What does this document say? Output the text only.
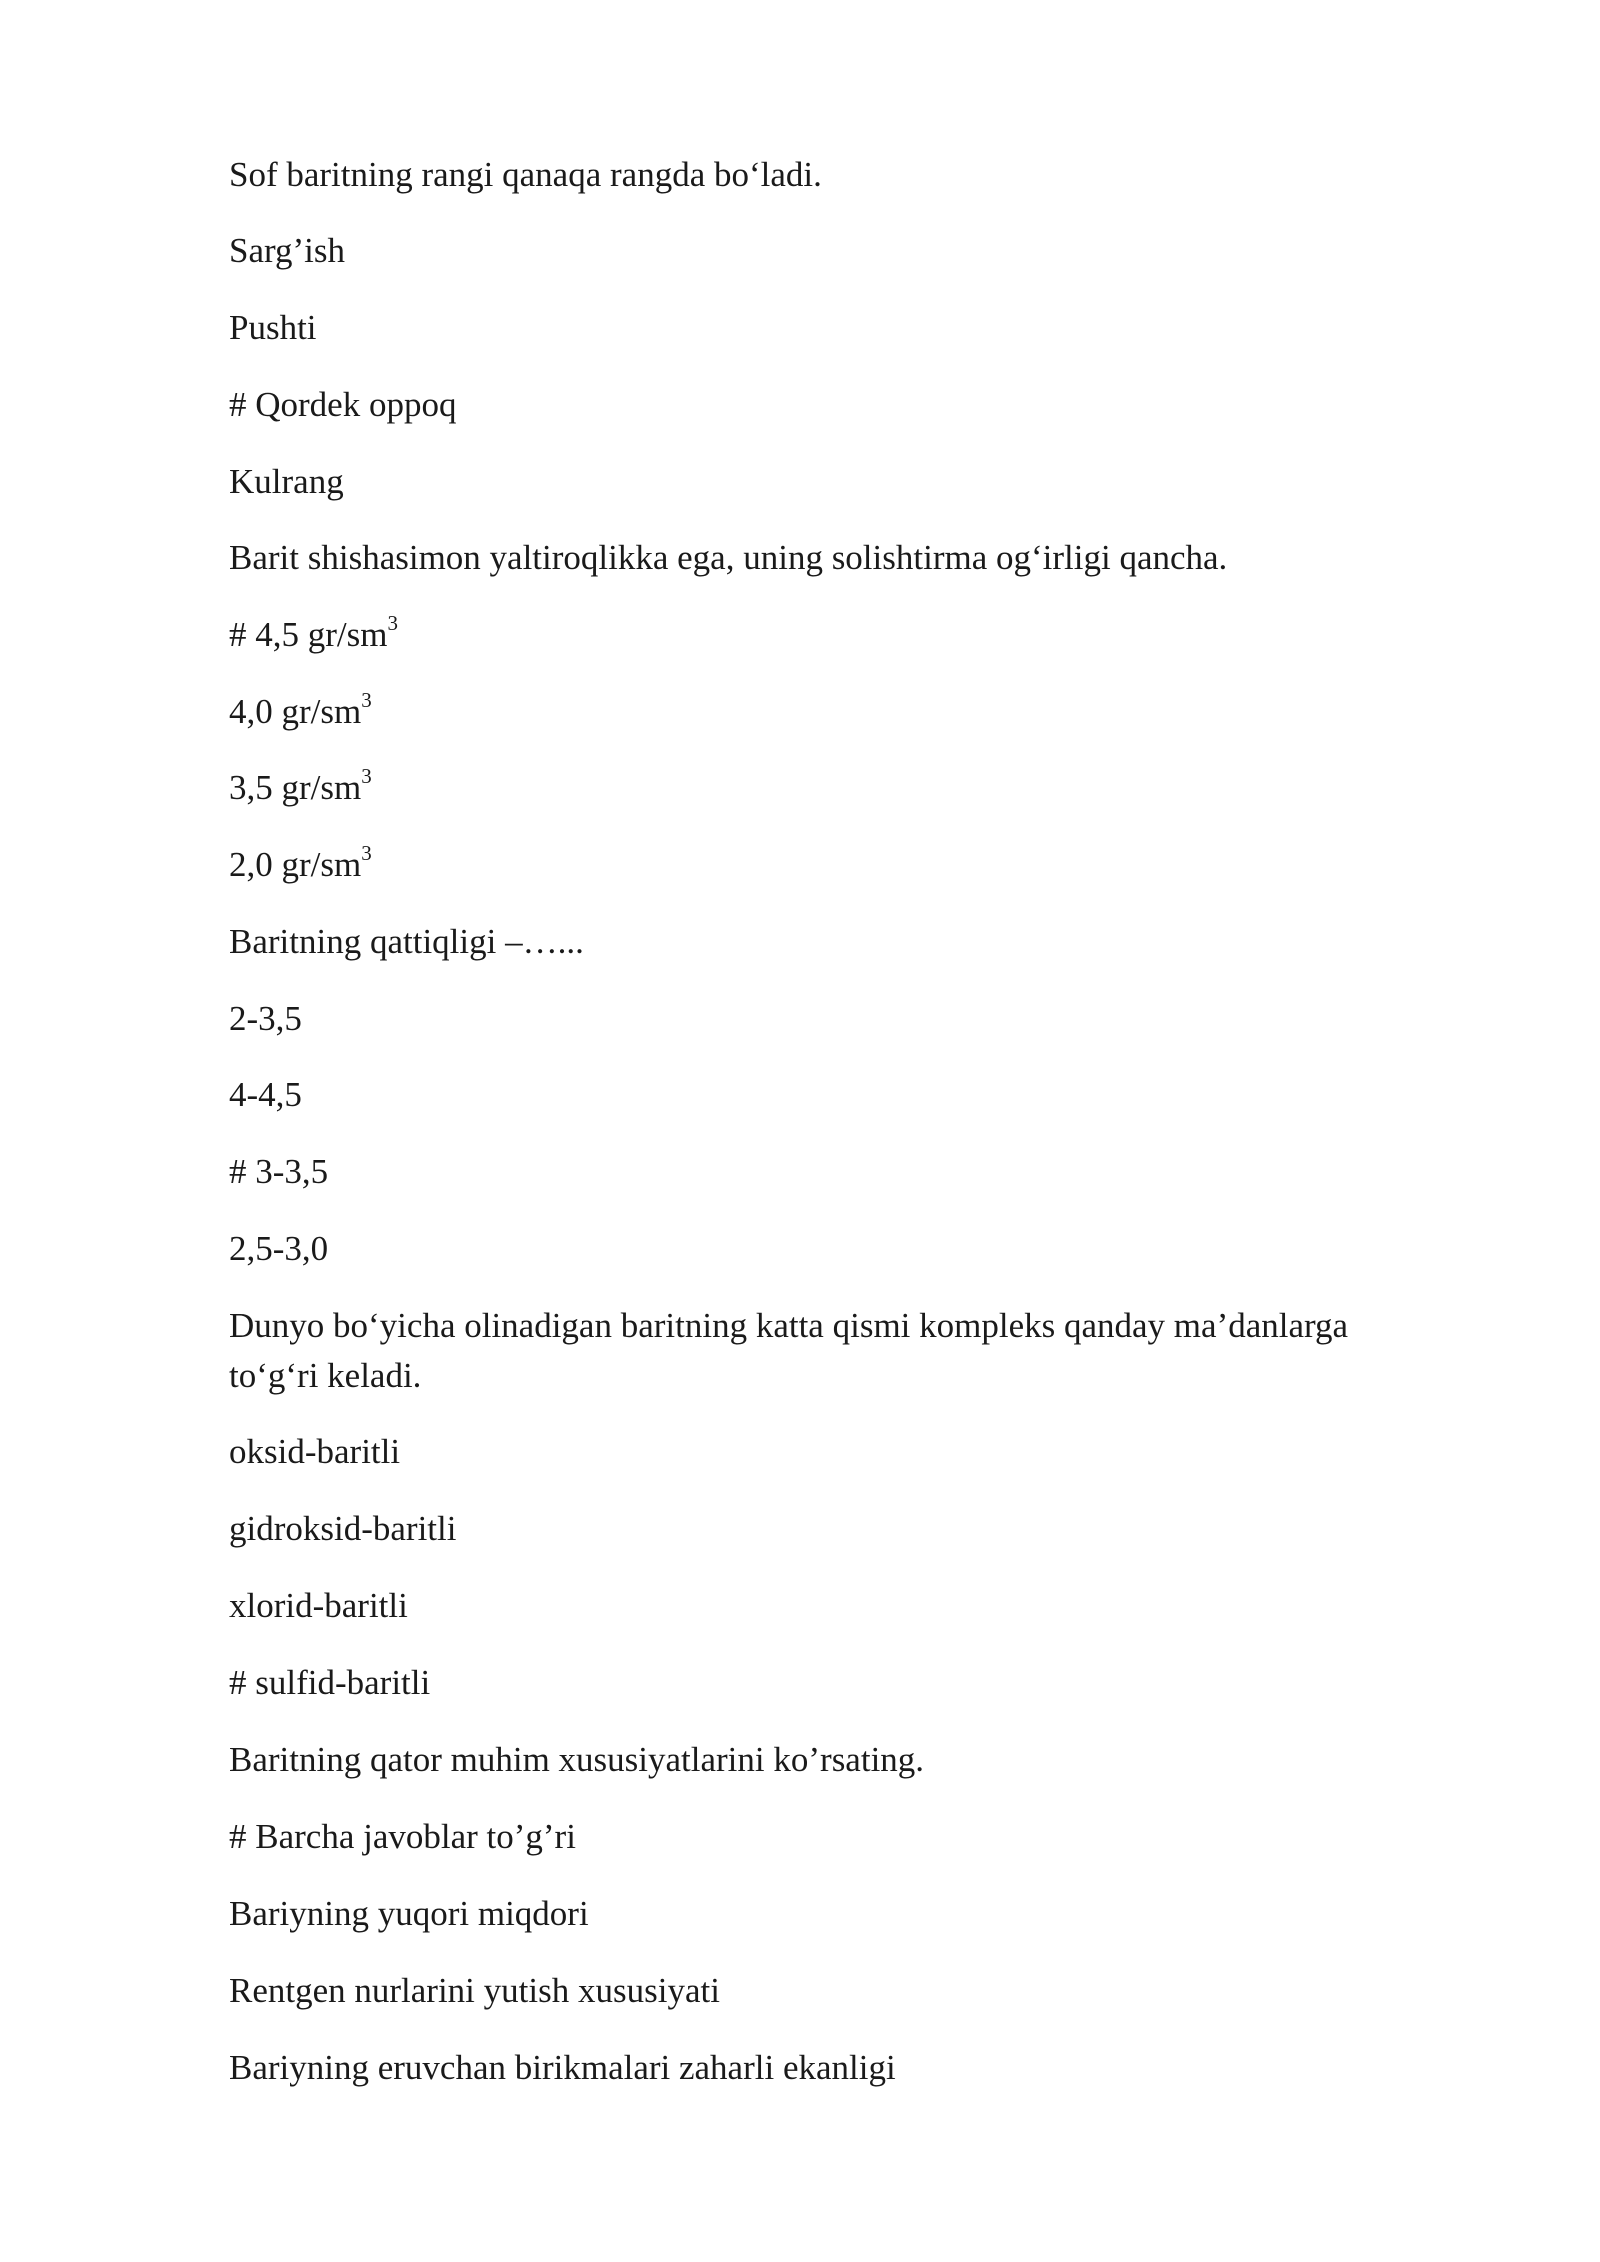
Sof baritning rangi qanaqa rangda bo‘ladi.

Sarg’ish

Pushti

# Qordek oppoq

Kulrang

Barit shishasimon yaltiroqlikka ega, uning solishtirma og‘irligi qancha.

# 4,5 $gr/sm^3$

4,0 $gr/sm^3$

3,5 $gr/sm^3$

2,0 $gr/sm^3$

Baritning qattiqligi –…...

2-3,5

4-4,5

# 3-3,5

2,5-3,0

Dunyo bo‘yicha olinadigan baritning katta qismi kompleks qanday ma’danlarga to‘g‘ri keladi.

oksid-baritli

gidroksid-baritli

xlorid-baritli

# sulfid-baritli

Baritning qator muhim xususiyatlarini ko’rsating.

# Barcha javoblar to’g’ri

Bariyning yuqori miqdori

Rentgen nurlarini yutish xususiyati

Bariyning eruvchan birikmalari zaharli ekanligi
